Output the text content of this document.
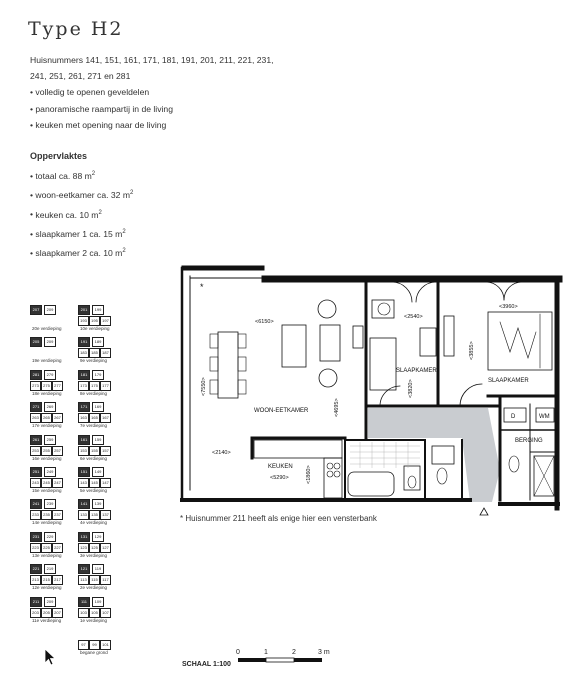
Type H2
Huisnummers 141, 151, 161, 171, 181, 191, 201, 211, 221, 231, 241, 251, 261, 271 en 281
• volledig te openen geveldelen
• panoramische raampartij in de living
• keuken met opening naar de living
Oppervlaktes
• totaal ca. 88 $m^2$
• woon-eetkamer ca. 32 $m^2$
• keuken ca. 10 $m^2$
• slaapkamer 1 ca. 15 $m^2$
• slaapkamer 2 ca. 10 $m^2$
*
<6150>
<2540>
<3960>
<2140>
<5290>
<7550>	<3820>
<3855>
<4695>
<1860>
WOON-EETKAMER
KEUKEN
SLAAPKAMER
SLAAPKAMER
BERGING
D	WM
* Huisnummer 211 heeft als enige hier een vensterbank
SCHAAL 1:100
0	1	2	3 m
207	209
20e verdieping
205	209
19e verdieping
281	279
273	275	277
18e verdieping
271	269
263	265	267
17e verdieping
261	259
253	255	257
16e verdieping
251	249
243	245	247
15e verdieping
241	239
233	235	237
14e verdieping
231	229
223	225	227
13e verdieping
221	219
213	215	217
12e verdieping
211	209
203	205	207
11e verdieping
201	199
193	195	197
10e verdieping
191	189
183	185	187
9e verdieping
181	179
173	175	177
8e verdieping
171	169
163	165	167
7e verdieping
161	159
153	155	157
6e verdieping
151	149
143	145	147
5e verdieping
141	139
133	135	137
4e verdieping
131	129
123	125	127
3e verdieping
121	119
113	115	117
2e verdieping
111	109
103	105	107
1e verdieping
97	99	101
begane grond
